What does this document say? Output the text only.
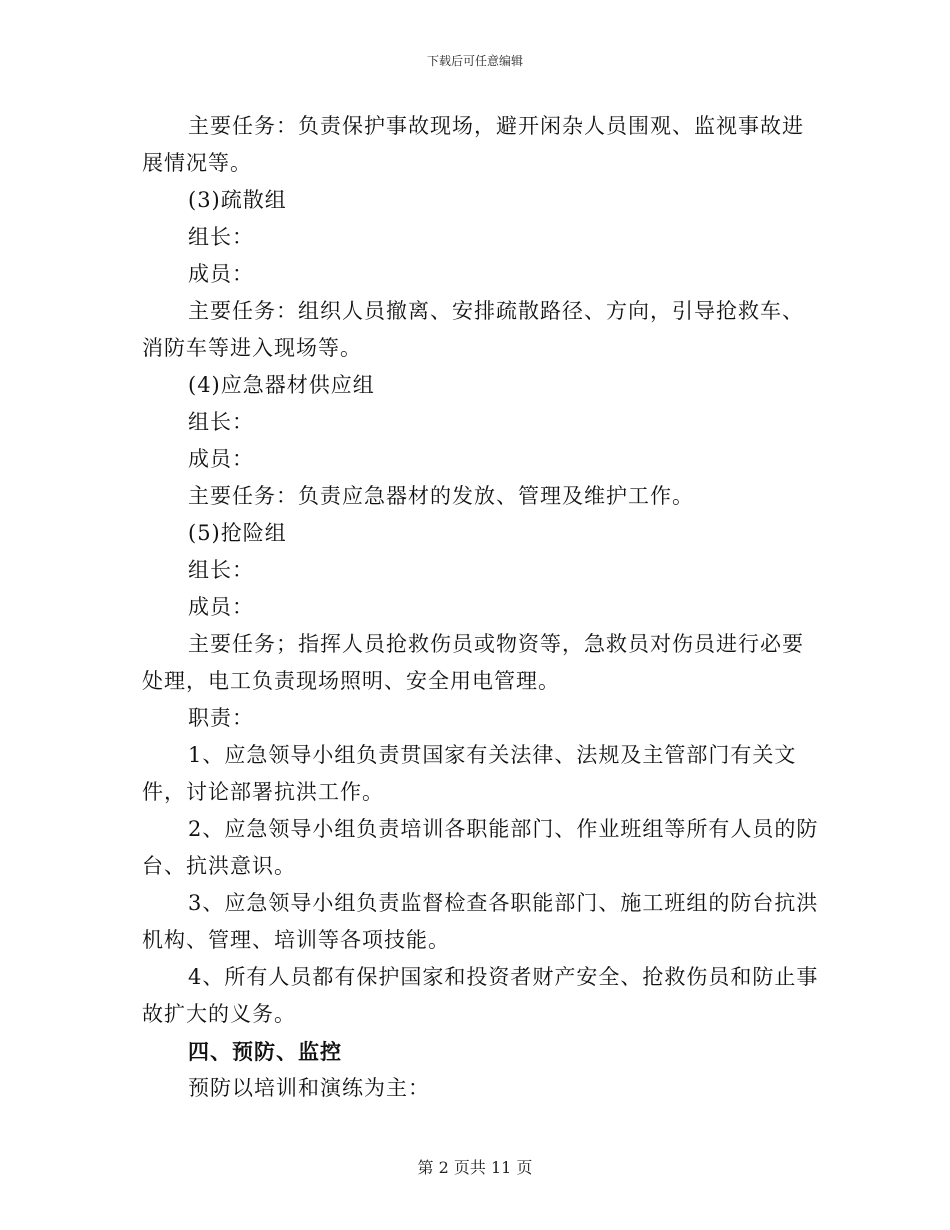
下载后可任意编辑

主要任务：负责保护事故现场，避开闲杂人员围观、监视事故进展情况等。

(3)疏散组

组长：

成员：

主要任务：组织人员撤离、安排疏散路径、方向，引导抢救车、消防车等进入现场等。

(4)应急器材供应组

组长：

成员：

主要任务：负责应急器材的发放、管理及维护工作。

(5)抢险组

组长：

成员：

主要任务；指挥人员抢救伤员或物资等，急救员对伤员进行必要处理，电工负责现场照明、安全用电管理。

职责：

1、应急领导小组负责贯国家有关法律、法规及主管部门有关文件，讨论部署抗洪工作。

2、应急领导小组负责培训各职能部门、作业班组等所有人员的防台、抗洪意识。

3、应急领导小组负责监督检查各职能部门、施工班组的防台抗洪机构、管理、培训等各项技能。

4、所有人员都有保护国家和投资者财产安全、抢救伤员和防止事故扩大的义务。

四、预防、监控

预防以培训和演练为主：

第 2 页共 11 页
